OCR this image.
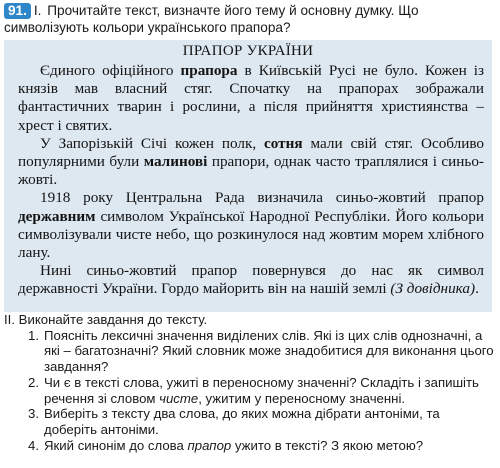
91. І. Прочитайте текст, визначте його тему й основну думку. Що символізують кольори українського прапора?
ПРАПОР УКРАЇНИ

Єдиного офіційного прапора в Київській Русі не було. Кожен із князів мав власний стяг. Спочатку на прапорах зображали фантастичних тварин і рослини, а після прийняття християнства – хрест і святих.

У Запорізькій Січі кожен полк, сотня мали свій стяг. Особливо популярними були малинові прапори, однак часто траплялися і синьо-жовті.

1918 року Центральна Рада визначила синьо-жовтий прапор державним символом Української Народної Республіки. Його кольори символізували чисте небо, що розкинулося над жовтим морем хлібного лану.

Нині синьо-жовтий прапор повернувся до нас як символ державності України. Гордо майорить він на нашій землі (З довідника).

II. Виконайте завдання до тексту.
1. Поясніть лексичні значення виділених слів. Які із цих слів однозначні, а які – багатозначні? Який словник може знадобитися для виконання цього завдання?
2. Чи є в тексті слова, ужиті в переносному значенні? Складіть і запишіть речення зі словом чисте, ужитим у переносному значенні.
3. Виберіть з тексту два слова, до яких можна дібрати антоніми, та доберіть антоніми.
4. Який синонім до слова прапор ужито в тексті? З якою метою?
